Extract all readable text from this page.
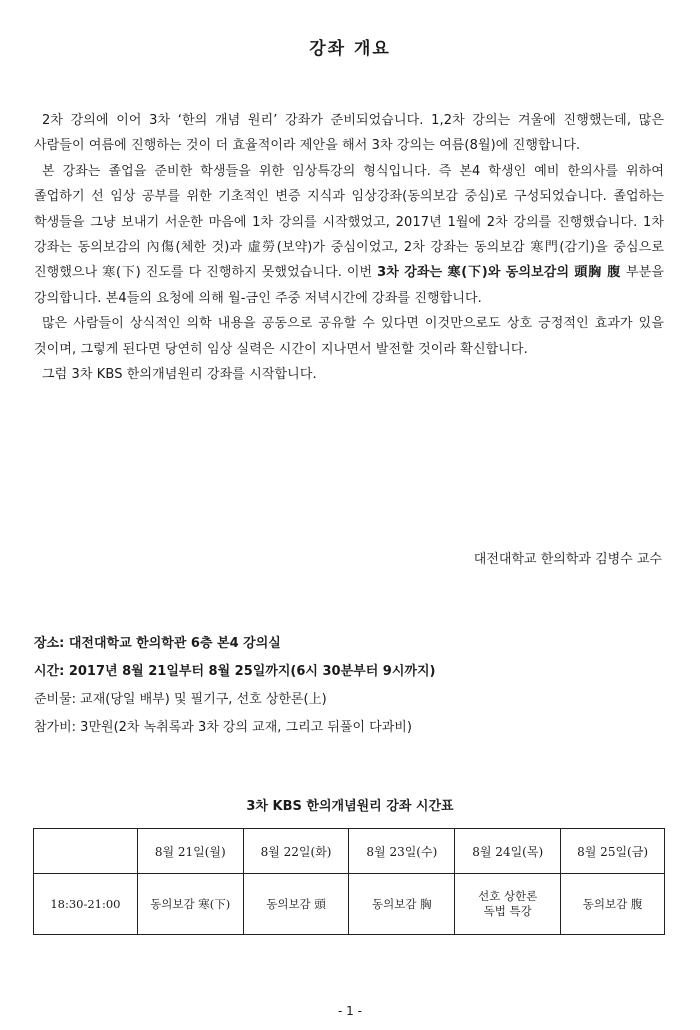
강좌 개요

2차 강의에 이어 3차 ‘한의 개념 원리’ 강좌가 준비되었습니다. 1,2차 강의는 겨울에 진행했는데, 많은 사람들이 여름에 진행하는 것이 더 효율적이라 제안을 해서 3차 강의는 여름(8월)에 진행합니다.

본 강좌는 졸업을 준비한 학생들을 위한 임상특강의 형식입니다. 즉 본4 학생인 예비 한의사를 위하여 졸업하기 선 임상 공부를 위한 기초적인 변증 지식과 임상강좌(동의보감 중심)로 구성되었습니다. 졸업하는 학생들을 그냥 보내기 서운한 마음에 1차 강의를 시작했었고, 2017년 1월에 2차 강의를 진행했습니다. 1차 강좌는 동의보감의 內傷(체한 것)과 虛勞(보약)가 중심이었고, 2차 강좌는 동의보감 寒門(감기)을 중심으로 진행했으나 寒(下) 진도를 다 진행하지 못했었습니다. 이번 3차 강좌는 寒(下)와 동의보감의 頭胸 腹 부분을 강의합니다. 본4들의 요청에 의해 월-금인 주중 저녁시간에 강좌를 진행합니다.

많은 사람들이 상식적인 의학 내용을 공동으로 공유할 수 있다면 이것만으로도 상호 긍정적인 효과가 있을 것이며, 그렇게 된다면 당연히 임상 실력은 시간이 지나면서 발전할 것이라 확신합니다.

그럼 3차 KBS 한의개념원리 강좌를 시작합니다.

대전대학교 한의학과 김병수 교수
장소: 대전대학교 한의학관 6층 본4 강의실
시간: 2017년 8월 21일부터 8월 25일까지(6시 30분부터 9시까지)
준비물: 교재(당일 배부) 및 필기구, 선호 상한론(上)
참가비: 3만원(2차 녹취록과 3차 강의 교재, 그리고 뒤풀이 다과비)
3차 KBS 한의개념원리 강좌 시간표
	8월 21일(월)	8월 22일(화)	8월 23일(수)	8월 24일(목)	8월 25일(금)
18:30-21:00	동의보감 寒(下)	동의보감 頭	동의보감 胸	선호 상한론 독법 특강	동의보감 腹
- 1 -
